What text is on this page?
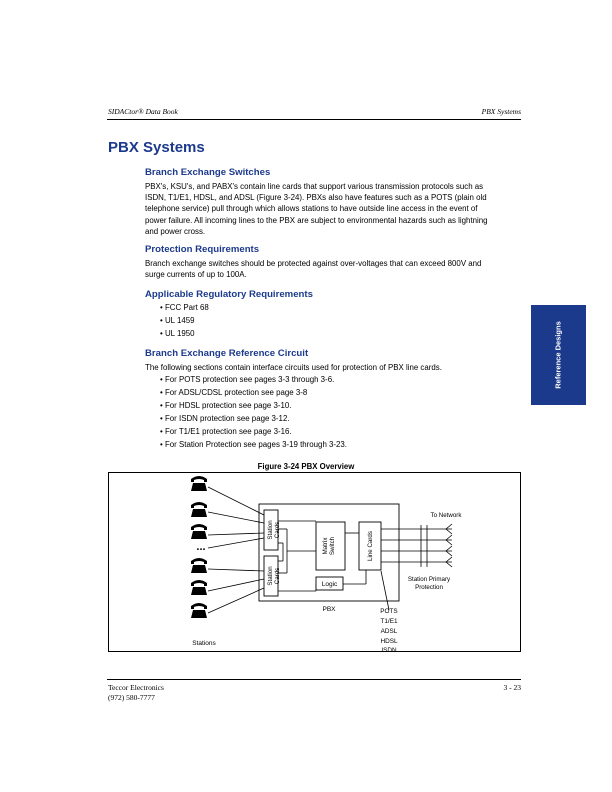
SIDACtor® Data Book	PBX Systems
PBX Systems
Branch Exchange Switches
PBX's, KSU's, and PABX's contain line cards that support various transmission protocols such as ISDN, T1/E1, HDSL, and ADSL (Figure 3-24). PBXs also have features such as a POTS (plain old telephone service) pull through which allows stations to have outside line access in the event of power failure. All incoming lines to the PBX are subject to environmental hazards such as lightning and power cross.
Protection Requirements
Branch exchange switches should be protected against over-voltages that can exceed 800V and surge currents of up to 100A.
Applicable Regulatory Requirements
• FCC Part 68
• UL 1459
• UL 1950
Branch Exchange Reference Circuit
The following sections contain interface circuits used for protection of PBX line cards.
• For POTS protection see pages 3-3 through 3-6.
• For ADSL/CDSL protection see page 3-8
• For HDSL protection see page 3-10.
• For ISDN protection see page 3-12.
• For T1/E1 protection see page 3-16.
• For Station Protection see pages 3-19 through 3-23.
Reference Designs
Figure 3-24 PBX Overview
...
StationCards
StationCards
MatrixSwitch
Logic
Line Cards
To Network
Station Primary Protection
PBX	POTS
T1/E1
ADSL
HDSL
ISDN
Stations
Teccor Electronics
(972) 580-7777
3 - 23
